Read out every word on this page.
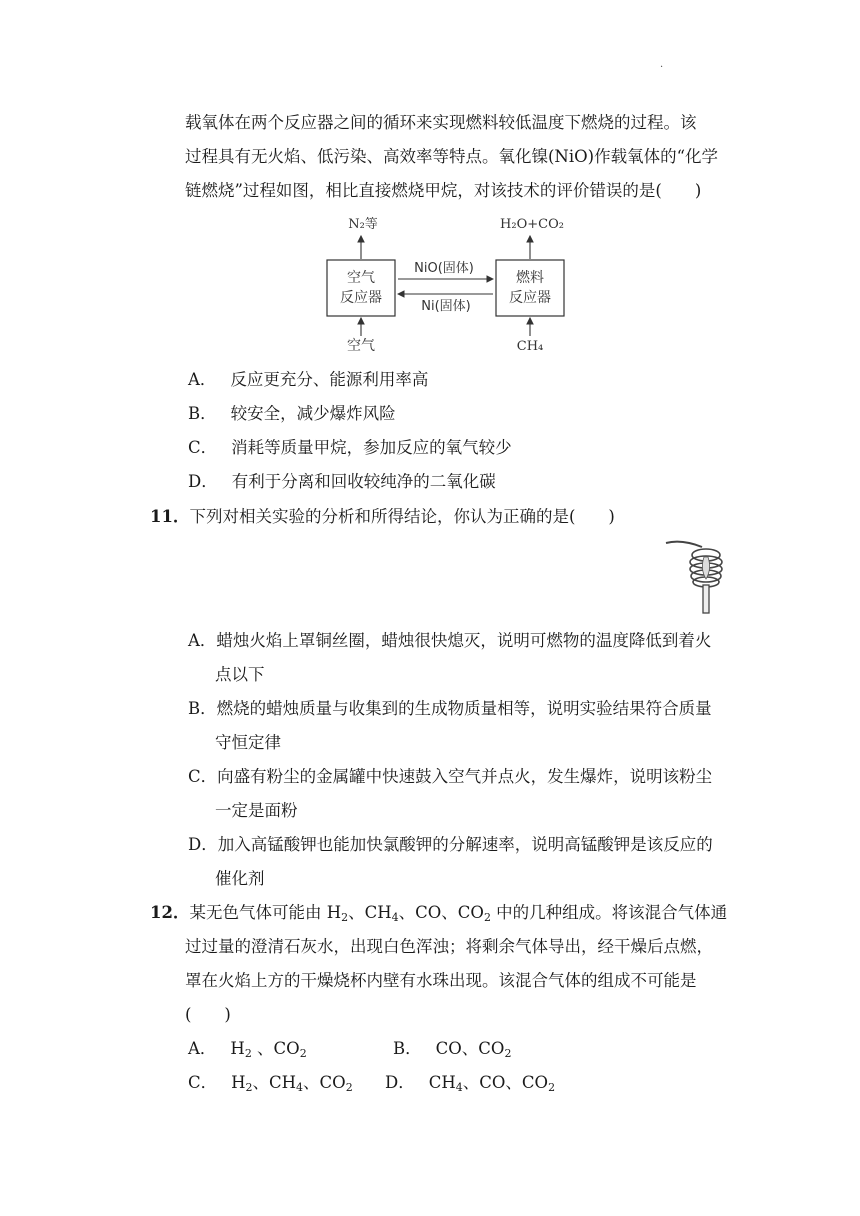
·
载氧体在两个反应器之间的循环来实现燃料较低温度下燃烧的过程。该
过程具有无火焰、低污染、高效率等特点。氧化镍(NiO)作载氧体的“化学
链燃烧”过程如图，相比直接燃烧甲烷，对该技术的评价错误的是(　　)
空气
反应器
燃料
反应器
NiO(固体)
Ni(固体)
N₂等	H₂O+CO₂
空气	CH₄
A． 反应更充分、能源利用率高
B． 较安全，减少爆炸风险
C． 消耗等质量甲烷，参加反应的氧气较少
D． 有利于分离和回收较纯净的二氧化碳
11．下列对相关实验的分析和所得结论，你认为正确的是(　　)
A．蜡烛火焰上罩铜丝圈，蜡烛很快熄灭，说明可燃物的温度降低到着火
点以下
B．燃烧的蜡烛质量与收集到的生成物质量相等，说明实验结果符合质量
守恒定律
C．向盛有粉尘的金属罐中快速鼓入空气并点火，发生爆炸，说明该粉尘
一定是面粉
D．加入高锰酸钾也能加快氯酸钾的分解速率，说明高锰酸钾是该反应的
催化剂
12．某无色气体可能由 $H_2$、$CH_4$、CO、$CO_2$ 中的几种组成。将该混合气体通
过过量的澄清石灰水，出现白色浑浊；将剩余气体导出，经干燥后点燃，
罩在火焰上方的干燥烧杯内壁有水珠出现。该混合气体的组成不可能是
(　　)
A． $H_2$ 、$CO_2$	B． CO、$CO_2$
C． $H_2$、$CH_4$、$CO_2$ D． $CH_4$、CO、$CO_2$
